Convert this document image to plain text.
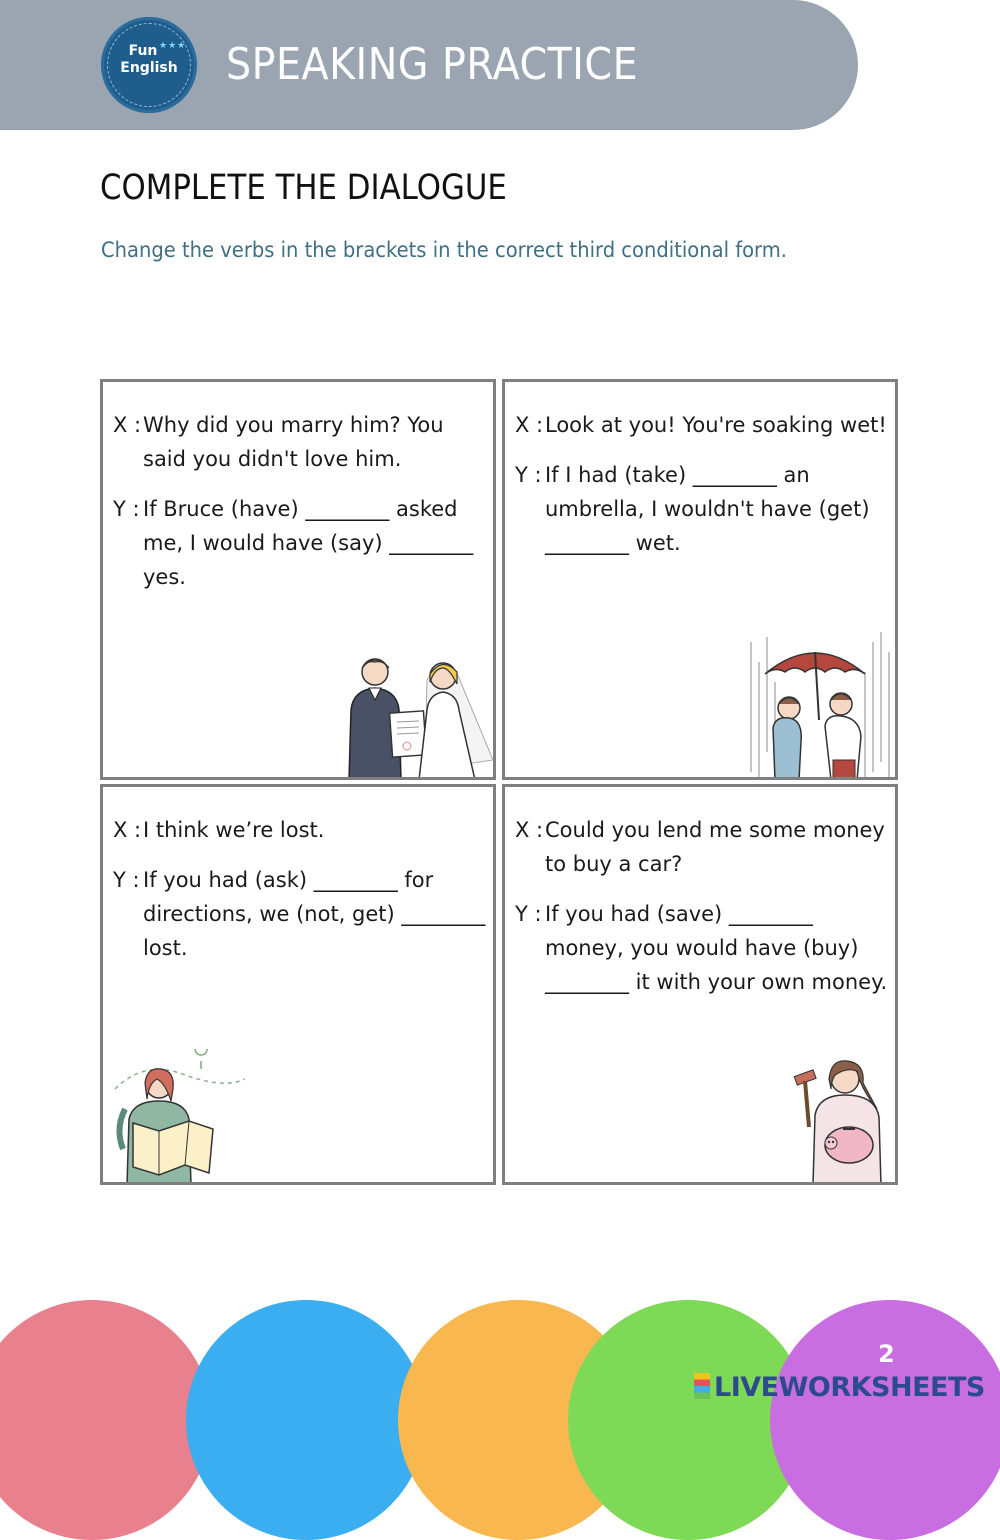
★★★
Fun
English	SPEAKING PRACTICE
COMPLETE THE DIALOGUE
Change the verbs in the brackets in the correct third conditional form.
X : Why did you marry him? You said you didn't love him.
Y : If Bruce (have) ________ asked me, I would have (say) ________ yes.
X : Look at you! You're soaking wet!
Y : If I had (take) ________ an umbrella, I wouldn't have (get) ________ wet.
X : I think we’re lost.
Y : If you had (ask) ________ for directions, we (not, get) ________ lost.
X : Could you lend me some money to buy a car?
Y : If you had (save) ________ money, you would have (buy) ________ it with your own money.
2
LIVEWORKSHEETS
